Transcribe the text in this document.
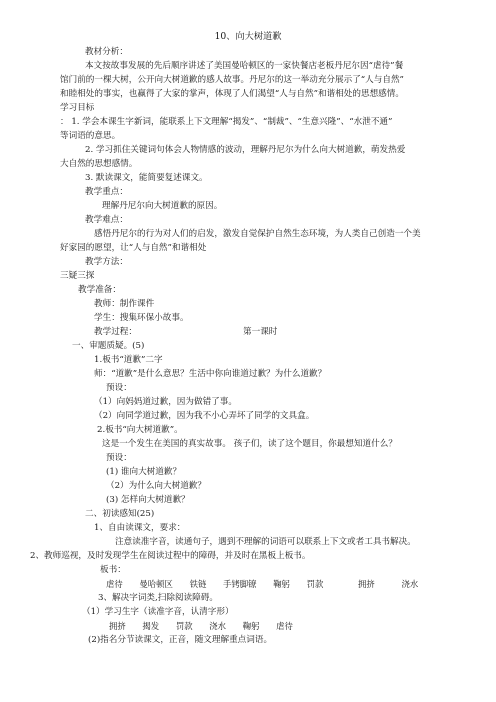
10、向大树道歉
教材分析：
本文按故事发展的先后顺序讲述了美国曼哈顿区的一家快餐店老板丹尼尔因“虐待”餐
馆门前的一棵大树，公开向大树道歉的感人故事。丹尼尔的这一举动充分展示了“人与自然”
和睦相处的事实，也赢得了大家的掌声，体现了人们渴望“人与自然”和谐相处的思想感情。
学习目标
： 1. 学会本课生字新词，能联系上下文理解“揭发”、“制裁”、“生意兴隆”、“水泄不通”
等词语的意思。
2. 学习抓住关键词句体会人物情感的波动，理解丹尼尔为什么向大树道歉，萌发热爱
大自然的思想感情。
3. 默读课文，能简要复述课文。
教学重点：
理解丹尼尔向大树道歉的原因。
教学难点：
感悟丹尼尔的行为对人们的启发，激发自觉保护自然生态环境，为人类自己创造一个美
好家园的愿望，让“人与自然”和谐相处
教学方法：
三疑三探
教学准备：
教师：制作课件
学生：搜集环保小故事。
教学过程：	第一课时
一、审题质疑。(5)
1.板书“道歉”二字
师：“道歉”是什么意思？生活中你向谁道过歉？为什么道歉？
预设：
（1）向妈妈道过歉，因为做错了事。
（2）向同学道过歉，因为我不小心弄坏了同学的文具盒。
2.板书“向大树道歉”。
这是一个发生在美国的真实故事。 孩子们，读了这个题目，你最想知道什么？
预设：
(1) 谁向大树道歉？
（2）为什么向大树道歉？
(3) 怎样向大树道歉？
二、初读感知(25)
1、自由读课文，要求：
注意读准字音，读通句子，遇到不理解的词语可以联系上下文或者工具书解决。
2、教师巡视，及时发现学生在阅读过程中的障碍，并及时在黑板上板书。
板书：
虐待 曼哈顿区 铁链 手铐脚镣 鞠躬 罚款	拥挤	浇水
3、解决字词类,扫除阅读障碍。
（1）学习生字（读准字音，认清字形）
拥挤 揭发 罚款 浇水 鞠躬 虐待
(2)指名分节读课文，正音，随文理解重点词语。
